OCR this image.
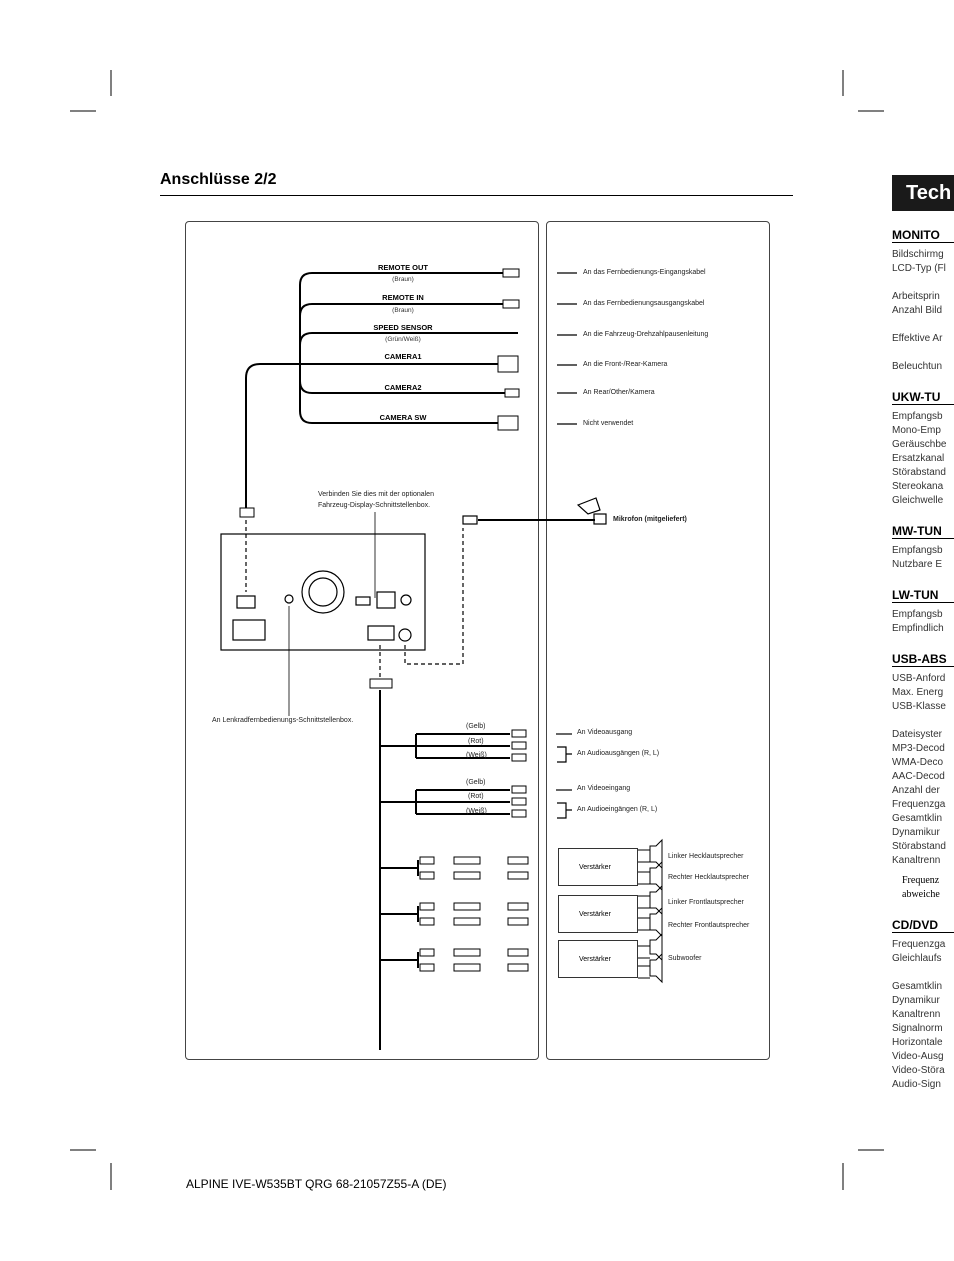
Anschlüsse 2/2
REMOTE OUT
(Braun)
REMOTE IN
(Braun)
SPEED SENSOR
(Grün/Weiß)
CAMERA1
CAMERA2
CAMERA SW
An das Fernbedienungs-Eingangskabel
An das Fernbedienungsausgangskabel
An die Fahrzeug-Drehzahlpausenleitung
An die Front-/Rear-Kamera
An Rear/Other/Kamera
Nicht verwendet
Verbinden Sie dies mit der optionalen Fahrzeug-Display-Schnittstellenbox.
Mikrofon (mitgeliefert)
An Lenkradfernbedienungs-Schnittstellenbox.
(Gelb)
(Rot)
(Weiß)
An Videoausgang
An Audioausgängen (R, L)
(Gelb)
(Rot)
(Weiß)
An Videoeingang
An Audioeingängen (R, L)
Verstärker
Verstärker
Verstärker
Linker Hecklautsprecher
Rechter Hecklautsprecher
Linker Frontlautsprecher
Rechter Frontlautsprecher
Subwoofer
Tech
MONITO
Bildschirmg
LCD-Typ (Fl
Arbeitsprin
Anzahl Bild
Effektive Ar
Beleuchtun
UKW-TU
Empfangsb
Mono-Emp
Geräuschbe
Ersatzkanal
Störabstand
Stereokana
Gleichwelle
MW-TUN
Empfangsb
Nutzbare E
LW-TUN
Empfangsb
Empfindlich
USB-ABS
USB-Anford
Max. Energ
USB-Klasse
Dateisyster
MP3-Decod
WMA-Deco
AAC-Decod
Anzahl der
Frequenzga
Gesamtklin
Dynamikur
Störabstand
Kanaltrenn
CD/DVD
Frequenzga
Gleichlaufs
Gesamtklin
Dynamikur
Kanaltrenn
Signalnorm
Horizontale
Video-Ausg
Video-Störa
Audio-Sign
Frequenz
abweiche
ALPINE IVE-W535BT QRG 68-21057Z55-A (DE)
